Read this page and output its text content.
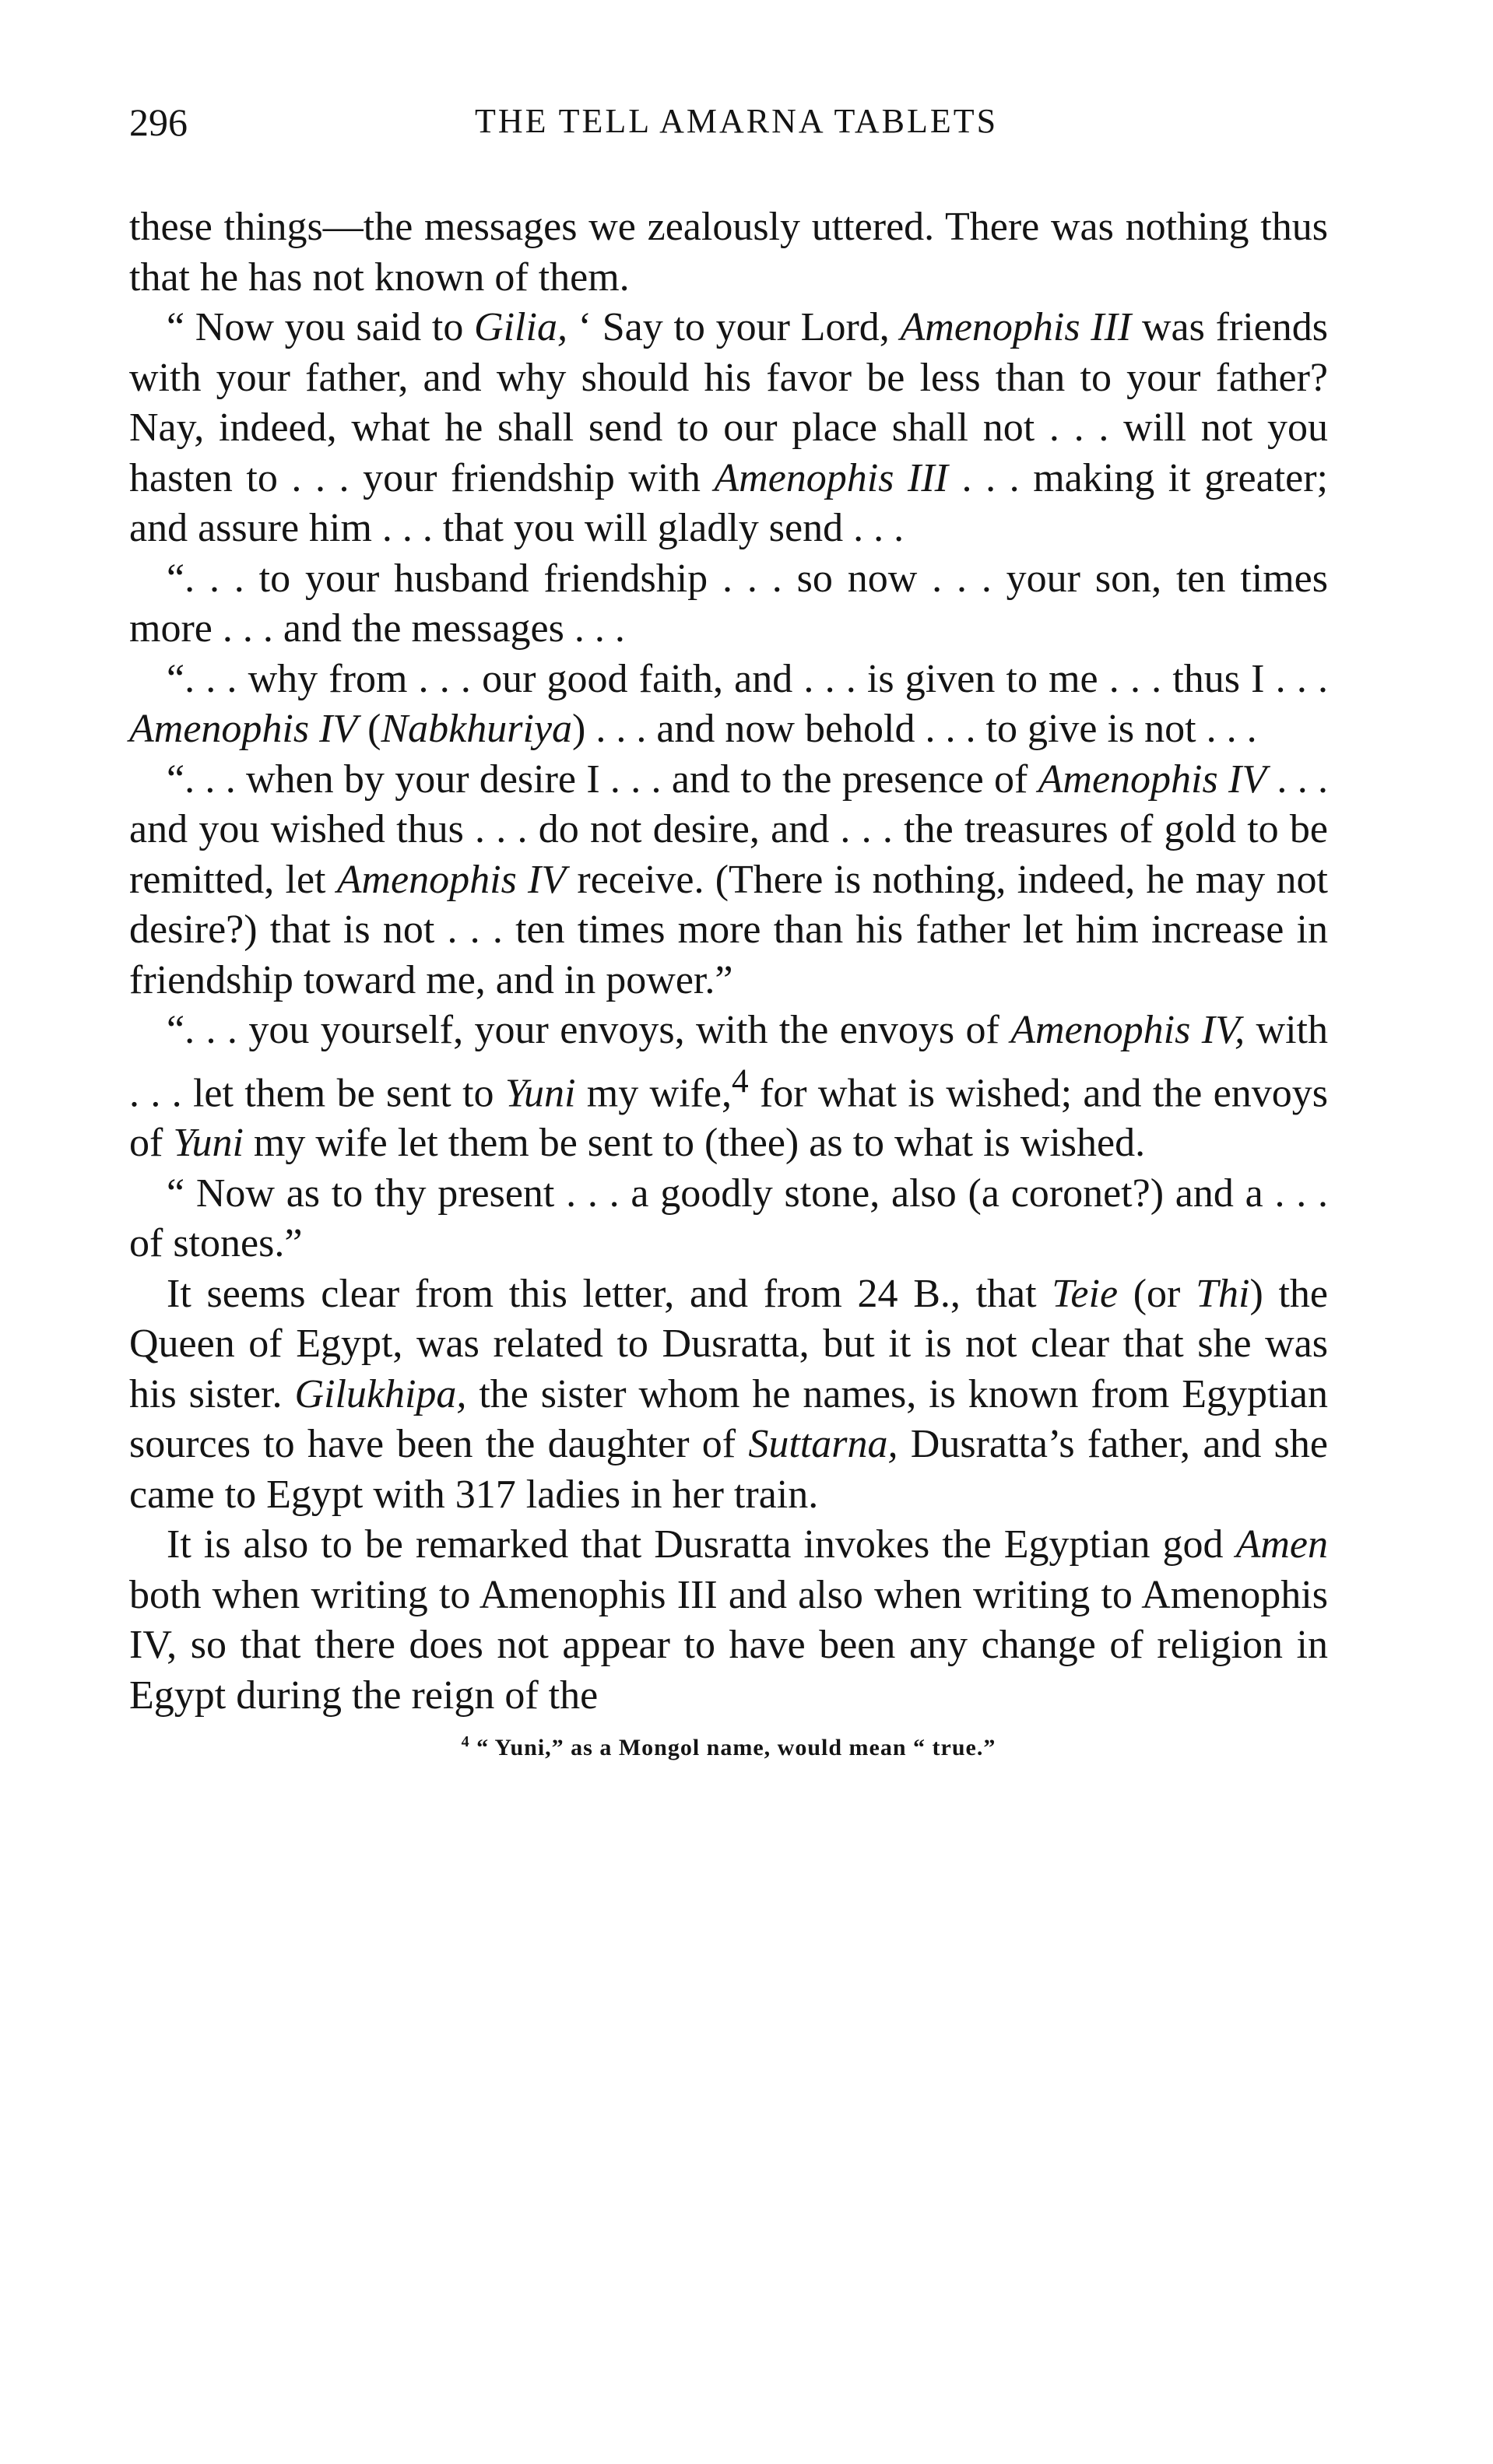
296	THE TELL AMARNA TABLETS

these things—the messages we zealously uttered. There was nothing thus that he has not known of them.

“ Now you said to Gilia, ‘ Say to your Lord, Amenophis III was friends with your father, and why should his favor be less than to your father? Nay, indeed, what he shall send to our place shall not . . . will not you hasten to . . . your friendship with Amenophis III . . . making it greater; and assure him . . . that you will gladly send . . .

“. . . to your husband friendship . . . so now . . . your son, ten times more . . . and the messages . . .

“. . . why from . . . our good faith, and . . . is given to me . . . thus I . . . Amenophis IV (Nabkhuriya) . . . and now behold . . . to give is not . . .

“. . . when by your desire I . . . and to the presence of Amenophis IV . . . and you wished thus . . . do not desire, and . . . the treasures of gold to be remitted, let Amenophis IV receive. (There is nothing, indeed, he may not desire?) that is not . . . ten times more than his father let him increase in friendship toward me, and in power.”

“. . . you yourself, your envoys, with the envoys of Amenophis IV, with . . . let them be sent to Yuni my wife,$^4$ for what is wished; and the envoys of Yuni my wife let them be sent to (thee) as to what is wished.

“ Now as to thy present . . . a goodly stone, also (a coronet?) and a . . . of stones.”

It seems clear from this letter, and from 24 B., that Teie (or Thi) the Queen of Egypt, was related to Dusratta, but it is not clear that she was his sister. Gilukhipa, the sister whom he names, is known from Egyptian sources to have been the daughter of Suttarna, Dusratta’s father, and she came to Egypt with 317 ladies in her train.

It is also to be remarked that Dusratta invokes the Egyptian god Amen both when writing to Amenophis III and also when writing to Amenophis IV, so that there does not appear to have been any change of religion in Egypt during the reign of the

$^4$ “ Yuni,” as a Mongol name, would mean “ true.”
